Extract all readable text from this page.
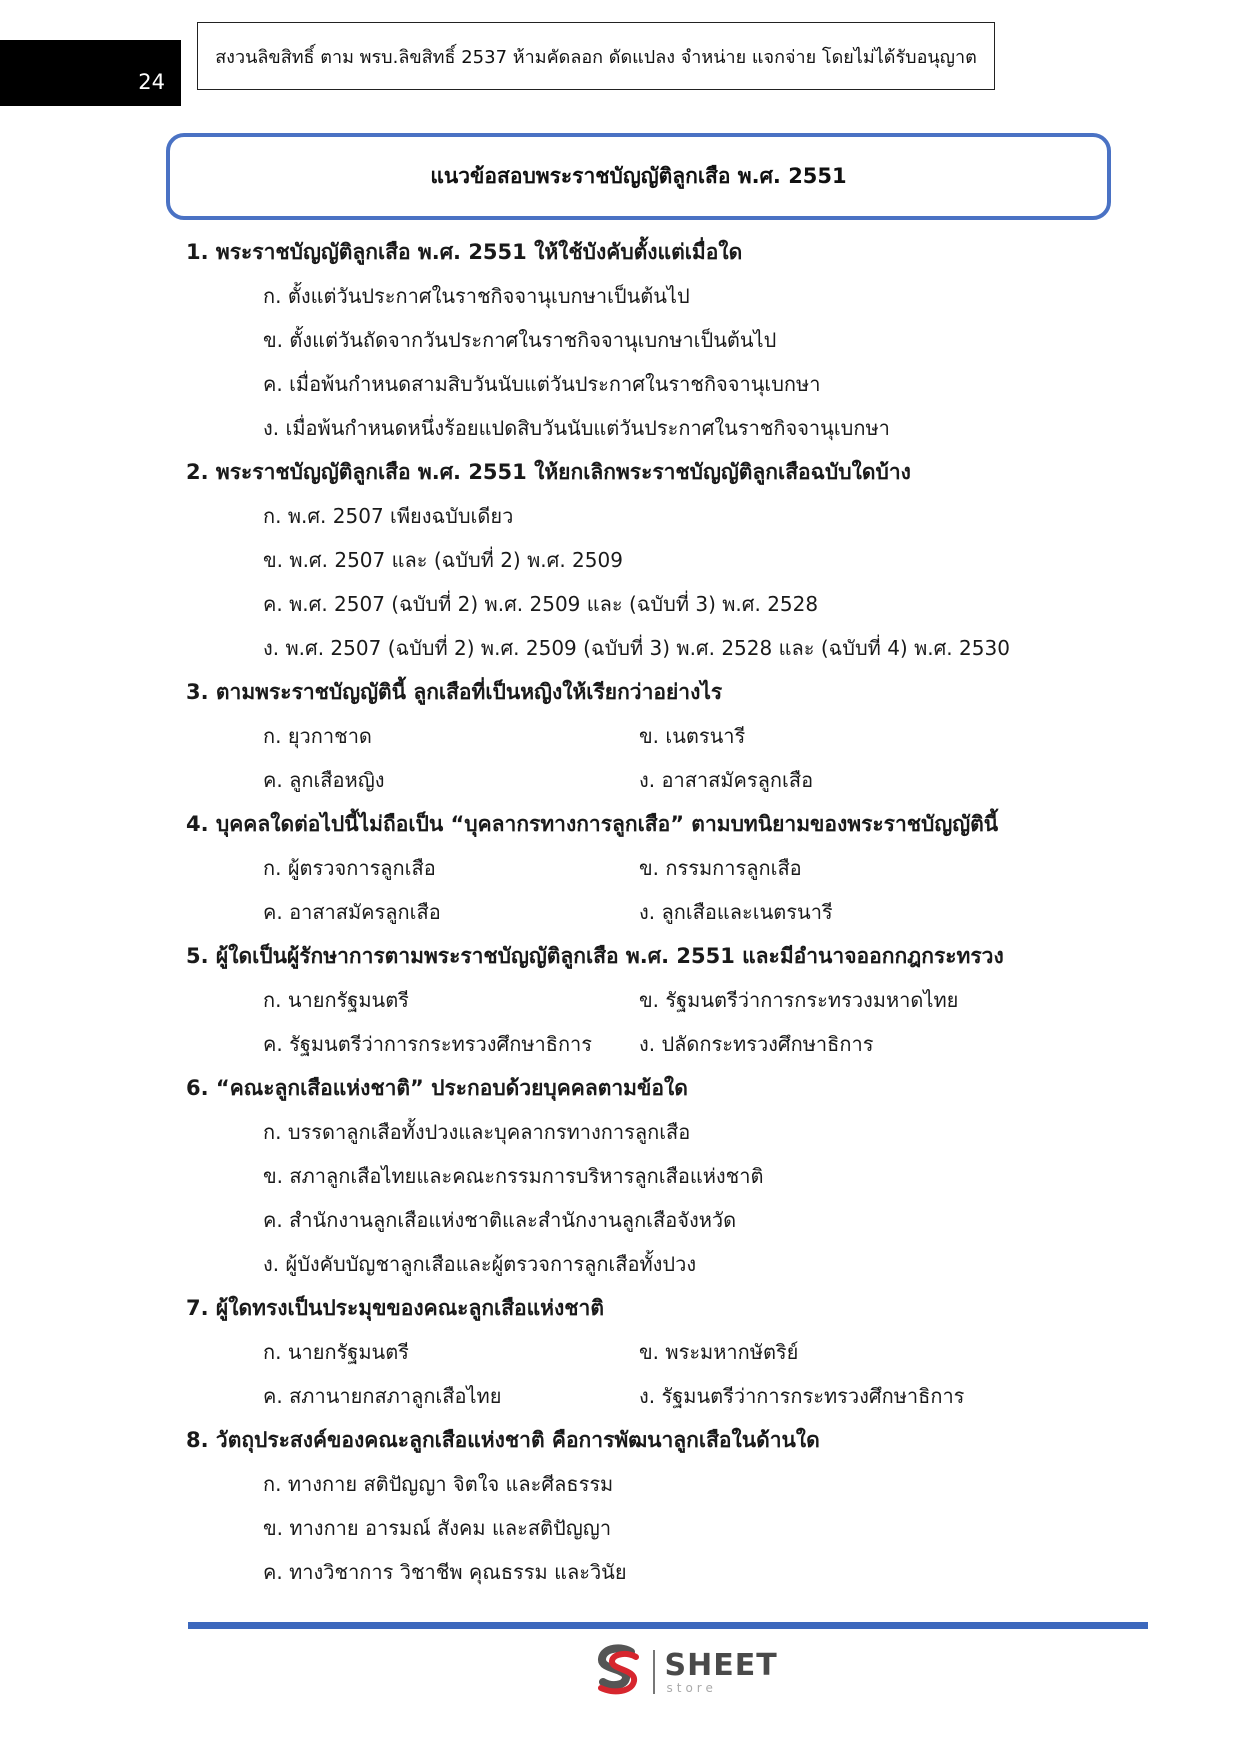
24
สงวนลิขสิทธิ์ ตาม พรบ.ลิขสิทธิ์ 2537 ห้ามคัดลอก ดัดแปลง จำหน่าย แจกจ่าย โดยไม่ได้รับอนุญาต
แนวข้อสอบพระราชบัญญัติลูกเสือ พ.ศ. 2551
1. พระราชบัญญัติลูกเสือ พ.ศ. 2551 ให้ใช้บังคับตั้งแต่เมื่อใด
ก. ตั้งแต่วันประกาศในราชกิจจานุเบกษาเป็นต้นไป
ข. ตั้งแต่วันถัดจากวันประกาศในราชกิจจานุเบกษาเป็นต้นไป
ค. เมื่อพ้นกำหนดสามสิบวันนับแต่วันประกาศในราชกิจจานุเบกษา
ง. เมื่อพ้นกำหนดหนึ่งร้อยแปดสิบวันนับแต่วันประกาศในราชกิจจานุเบกษา
2. พระราชบัญญัติลูกเสือ พ.ศ. 2551 ให้ยกเลิกพระราชบัญญัติลูกเสือฉบับใดบ้าง
ก. พ.ศ. 2507 เพียงฉบับเดียว
ข. พ.ศ. 2507 และ (ฉบับที่ 2) พ.ศ. 2509
ค. พ.ศ. 2507 (ฉบับที่ 2) พ.ศ. 2509 และ (ฉบับที่ 3) พ.ศ. 2528
ง. พ.ศ. 2507 (ฉบับที่ 2) พ.ศ. 2509 (ฉบับที่ 3) พ.ศ. 2528 และ (ฉบับที่ 4) พ.ศ. 2530
3. ตามพระราชบัญญัตินี้ ลูกเสือที่เป็นหญิงให้เรียกว่าอย่างไร
ก. ยุวกาชาด	ข. เนตรนารี
ค. ลูกเสือหญิง	ง. อาสาสมัครลูกเสือ
4. บุคคลใดต่อไปนี้ไม่ถือเป็น “บุคลากรทางการลูกเสือ” ตามบทนิยามของพระราชบัญญัตินี้
ก. ผู้ตรวจการลูกเสือ	ข. กรรมการลูกเสือ
ค. อาสาสมัครลูกเสือ	ง. ลูกเสือและเนตรนารี
5. ผู้ใดเป็นผู้รักษาการตามพระราชบัญญัติลูกเสือ พ.ศ. 2551 และมีอำนาจออกกฎกระทรวง
ก. นายกรัฐมนตรี	ข. รัฐมนตรีว่าการกระทรวงมหาดไทย
ค. รัฐมนตรีว่าการกระทรวงศึกษาธิการ	ง. ปลัดกระทรวงศึกษาธิการ
6. “คณะลูกเสือแห่งชาติ” ประกอบด้วยบุคคลตามข้อใด
ก. บรรดาลูกเสือทั้งปวงและบุคลากรทางการลูกเสือ
ข. สภาลูกเสือไทยและคณะกรรมการบริหารลูกเสือแห่งชาติ
ค. สำนักงานลูกเสือแห่งชาติและสำนักงานลูกเสือจังหวัด
ง. ผู้บังคับบัญชาลูกเสือและผู้ตรวจการลูกเสือทั้งปวง
7. ผู้ใดทรงเป็นประมุขของคณะลูกเสือแห่งชาติ
ก. นายกรัฐมนตรี	ข. พระมหากษัตริย์
ค. สภานายกสภาลูกเสือไทย	ง. รัฐมนตรีว่าการกระทรวงศึกษาธิการ
8. วัตถุประสงค์ของคณะลูกเสือแห่งชาติ คือการพัฒนาลูกเสือในด้านใด
ก. ทางกาย สติปัญญา จิตใจ และศีลธรรม
ข. ทางกาย อารมณ์ สังคม และสติปัญญา
ค. ทางวิชาการ วิชาชีพ คุณธรรม และวินัย
SHEET
store
